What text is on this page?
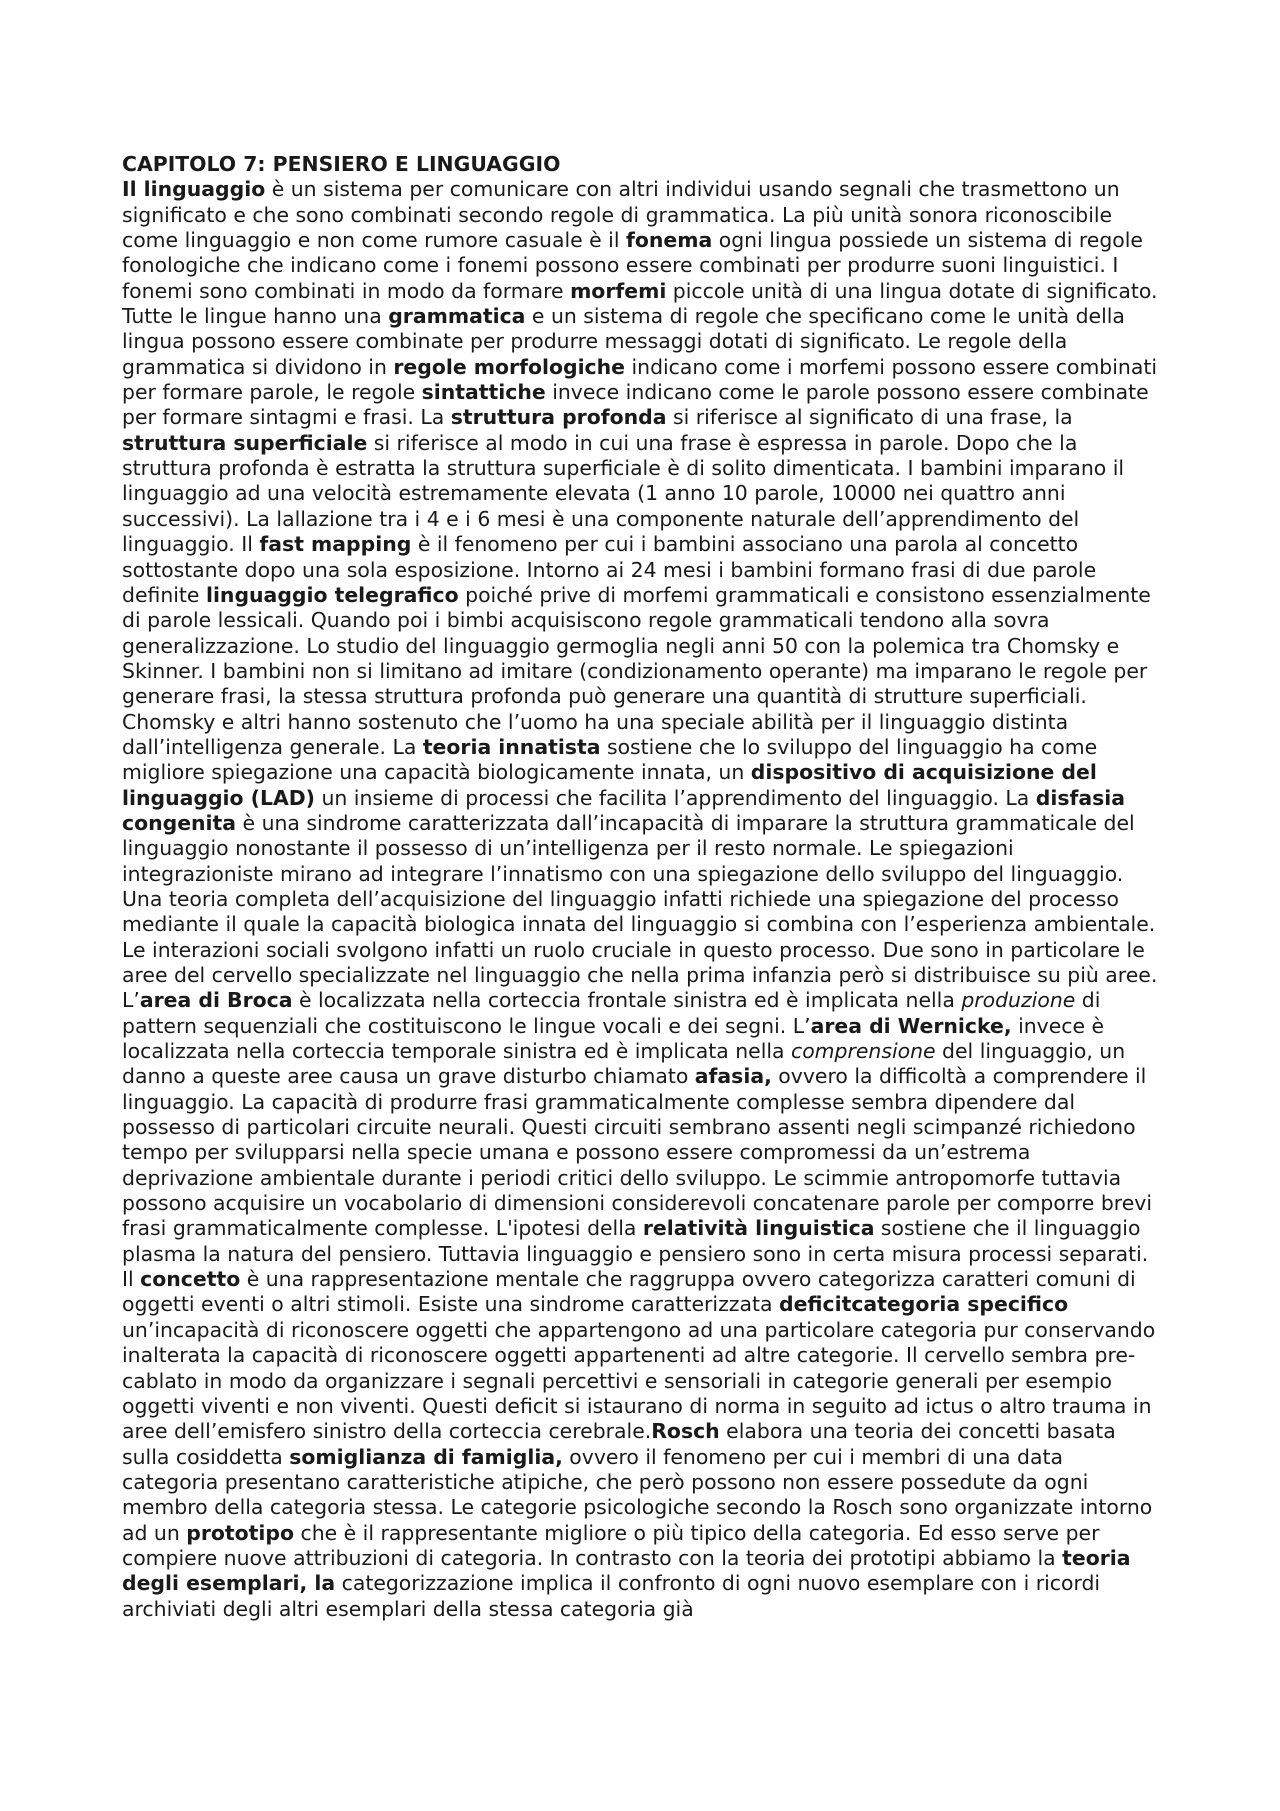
CAPITOLO 7: PENSIERO E LINGUAGGIO

Il linguaggio è un sistema per comunicare con altri individui usando segnali che trasmettono un significato e che sono combinati secondo regole di grammatica. La più unità sonora riconoscibile come linguaggio e non come rumore casuale è il fonema ogni lingua possiede un sistema di regole fonologiche che indicano come i fonemi possono essere combinati per produrre suoni linguistici. I fonemi sono combinati in modo da formare morfemi piccole unità di una lingua dotate di significato. Tutte le lingue hanno una grammatica e un sistema di regole che specificano come le unità della lingua possono essere combinate per produrre messaggi dotati di significato. Le regole della grammatica si dividono in regole morfologiche indicano come i morfemi possono essere combinati per formare parole, le regole sintattiche invece indicano come le parole possono essere combinate per formare sintagmi e frasi. La struttura profonda si riferisce al significato di una frase, la struttura superficiale si riferisce al modo in cui una frase è espressa in parole. Dopo che la struttura profonda è estratta la struttura superficiale è di solito dimenticata. I bambini imparano il linguaggio ad una velocità estremamente elevata (1 anno 10 parole, 10000 nei quattro anni successivi). La lallazione tra i 4 e i 6 mesi è una componente naturale dell’apprendimento del linguaggio. Il fast mapping è il fenomeno per cui i bambini associano una parola al concetto sottostante dopo una sola esposizione. Intorno ai 24 mesi i bambini formano frasi di due parole definite linguaggio telegrafico poiché prive di morfemi grammaticali e consistono essenzialmente di parole lessicali. Quando poi i bimbi acquisiscono regole grammaticali tendono alla sovra generalizzazione. Lo studio del linguaggio germoglia negli anni 50 con la polemica tra Chomsky e Skinner. I bambini non si limitano ad imitare (condizionamento operante) ma imparano le regole per generare frasi, la stessa struttura profonda può generare una quantità di strutture superficiali. Chomsky e altri hanno sostenuto che l’uomo ha una speciale abilità per il linguaggio distinta dall’intelligenza generale. La teoria innatista sostiene che lo sviluppo del linguaggio ha come migliore spiegazione una capacità biologicamente innata, un dispositivo di acquisizione del linguaggio (LAD) un insieme di processi che facilita l’apprendimento del linguaggio. La disfasia congenita è una sindrome caratterizzata dall’incapacità di imparare la struttura grammaticale del linguaggio nonostante il possesso di un’intelligenza per il resto normale. Le spiegazioni integrazioniste mirano ad integrare l’innatismo con una spiegazione dello sviluppo del linguaggio. Una teoria completa dell’acquisizione del linguaggio infatti richiede una spiegazione del processo mediante il quale la capacità biologica innata del linguaggio si combina con l’esperienza ambientale. Le interazioni sociali svolgono infatti un ruolo cruciale in questo processo. Due sono in particolare le aree del cervello specializzate nel linguaggio che nella prima infanzia però si distribuisce su più aree. L’area di Broca è localizzata nella corteccia frontale sinistra ed è implicata nella produzione di pattern sequenziali che costituiscono le lingue vocali e dei segni. L’area di Wernicke, invece è localizzata nella corteccia temporale sinistra ed è implicata nella comprensione del linguaggio, un danno a queste aree causa un grave disturbo chiamato afasia, ovvero la difficoltà a comprendere il linguaggio. La capacità di produrre frasi grammaticalmente complesse sembra dipendere dal possesso di particolari circuite neurali. Questi circuiti sembrano assenti negli scimpanzé richiedono tempo per svilupparsi nella specie umana e possono essere compromessi da un’estrema deprivazione ambientale durante i periodi critici dello sviluppo. Le scimmie antropomorfe tuttavia possono acquisire un vocabolario di dimensioni considerevoli concatenare parole per comporre brevi frasi grammaticalmente complesse. L'ipotesi della relatività linguistica sostiene che il linguaggio plasma la natura del pensiero. Tuttavia linguaggio e pensiero sono in certa misura processi separati. Il concetto è una rappresentazione mentale che raggruppa ovvero categorizza caratteri comuni di oggetti eventi o altri stimoli. Esiste una sindrome caratterizzata deficitcategoria specifico un’incapacità di riconoscere oggetti che appartengono ad una particolare categoria pur conservando inalterata la capacità di riconoscere oggetti appartenenti ad altre categorie. Il cervello sembra pre-cablato in modo da organizzare i segnali percettivi e sensoriali in categorie generali per esempio oggetti viventi e non viventi. Questi deficit si istaurano di norma in seguito ad ictus o altro trauma in aree dell’emisfero sinistro della corteccia cerebrale.Rosch elabora una teoria dei concetti basata sulla cosiddetta somiglianza di famiglia, ovvero il fenomeno per cui i membri di una data categoria presentano caratteristiche atipiche, che però possono non essere possedute da ogni membro della categoria stessa. Le categorie psicologiche secondo la Rosch sono organizzate intorno ad un prototipo che è il rappresentante migliore o più tipico della categoria. Ed esso serve per compiere nuove attribuzioni di categoria. In contrasto con la teoria dei prototipi abbiamo la teoria degli esemplari, la categorizzazione implica il confronto di ogni nuovo esemplare con i ricordi archiviati degli altri esemplari della stessa categoria già
